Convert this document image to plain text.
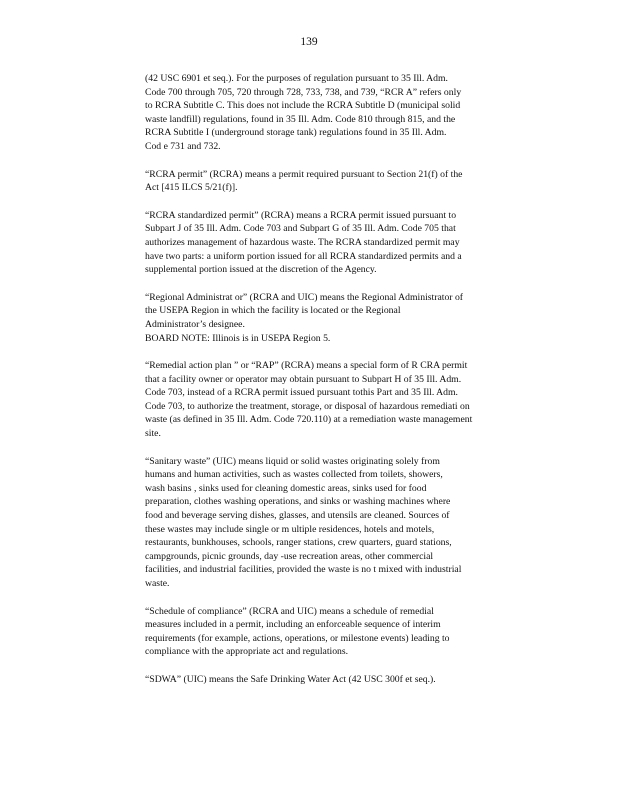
139
(42 USC 6901 et seq.). For the purposes of regulation pursuant to 35 Ill. Adm.
Code 700 through 705, 720 through 728, 733, 738, and 739, “RCR A” refers only
to RCRA Subtitle C. This does not include the RCRA Subtitle D (municipal solid
waste landfill) regulations, found in 35 Ill. Adm. Code 810 through 815, and the
RCRA Subtitle I (underground storage tank) regulations found in 35 Ill. Adm.
Cod e 731 and 732.
“RCRA permit” (RCRA) means a permit required pursuant to Section 21(f) of the
Act [415 ILCS 5/21(f)].
“RCRA standardized permit” (RCRA) means a RCRA permit issued pursuant to
Subpart J of 35 Ill. Adm. Code 703 and Subpart G of 35 Ill. Adm. Code 705 that
authorizes management of hazardous waste. The RCRA standardized permit may
have two parts: a uniform portion issued for all RCRA standardized permits and a
supplemental portion issued at the discretion of the Agency.
“Regional Administrat or” (RCRA and UIC) means the Regional Administrator of
the USEPA Region in which the facility is located or the Regional
Administrator’s designee.
BOARD NOTE: Illinois is in USEPA Region 5.
“Remedial action plan ” or “RAP” (RCRA) means a special form of R CRA permit
that a facility owner or operator may obtain pursuant to Subpart H of 35 Ill. Adm.
Code 703, instead of a RCRA permit issued pursuant tothis Part and 35 Ill. Adm.
Code 703, to authorize the treatment, storage, or disposal of hazardous remediati on
waste (as defined in 35 Ill. Adm. Code 720.110) at a remediation waste management
site.
“Sanitary waste” (UIC) means liquid or solid wastes originating solely from
humans and human activities, such as wastes collected from toilets, showers,
wash basins , sinks used for cleaning domestic areas, sinks used for food
preparation, clothes washing operations, and sinks or washing machines where
food and beverage serving dishes, glasses, and utensils are cleaned. Sources of
these wastes may include single or m ultiple residences, hotels and motels,
restaurants, bunkhouses, schools, ranger stations, crew quarters, guard stations,
campgrounds, picnic grounds, day -use recreation areas, other commercial
facilities, and industrial facilities, provided the waste is no t mixed with industrial
waste.
“Schedule of compliance” (RCRA and UIC) means a schedule of remedial
measures included in a permit, including an enforceable sequence of interim
requirements (for example, actions, operations, or milestone events) leading to
compliance with the appropriate act and regulations.
“SDWA” (UIC) means the Safe Drinking Water Act (42 USC 300f et seq.).
